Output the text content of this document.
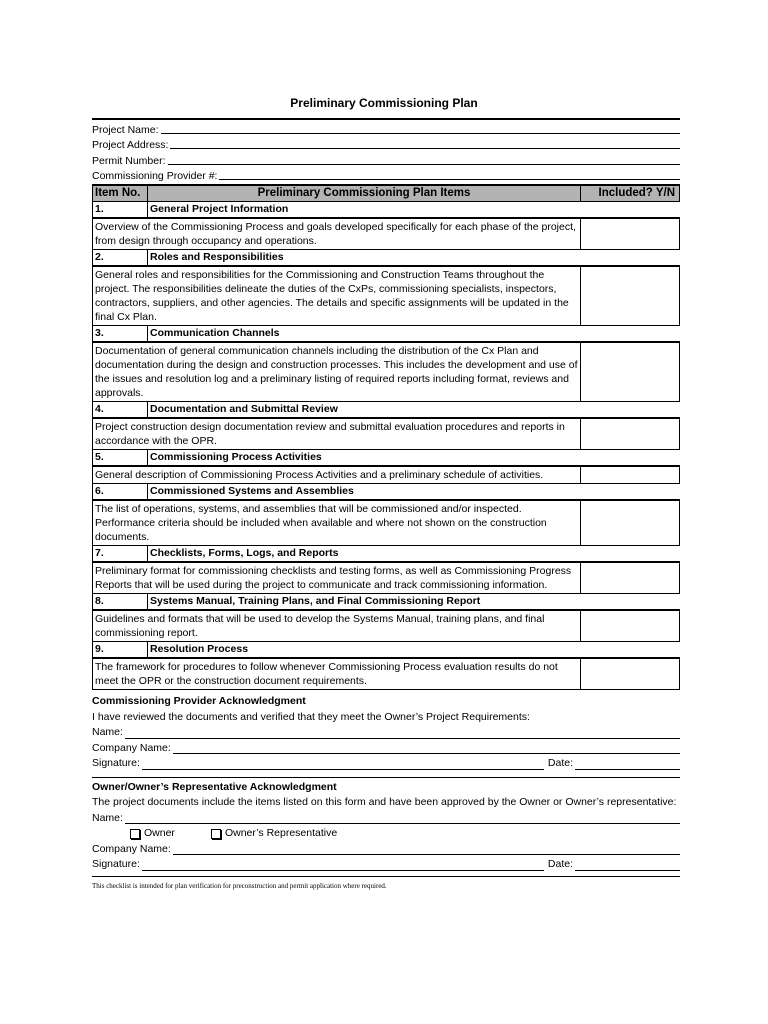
Preliminary Commissioning Plan
Project Name:
Project Address:
Permit Number:
Commissioning Provider #:
Item No.	Preliminary Commissioning Plan Items	Included? Y/N
1.	General Project Information	
Overview of the Commissioning Process and goals developed specifically for each phase of the project, from design through occupancy and operations.		
2.	Roles and Responsibilities	
General roles and responsibilities for the Commissioning and Construction Teams throughout the project. The responsibilities delineate the duties of the CxPs, commissioning specialists, inspectors, contractors, suppliers, and other agencies. The details and specific assignments will be updated in the final Cx Plan.		
3.	Communication Channels	
Documentation of general communication channels including the distribution of the Cx Plan and documentation during the design and construction processes. This includes the development and use of the issues and resolution log and a preliminary listing of required reports including format, reviews and approvals.		
4.	Documentation and Submittal Review	
Project construction design documentation review and submittal evaluation procedures and reports in accordance with the OPR.		
5.	Commissioning Process Activities	
General description of Commissioning Process Activities and a preliminary schedule of activities.		
6.	Commissioned Systems and Assemblies	
The list of operations, systems, and assemblies that will be commissioned and/or inspected. Performance criteria should be included when available and where not shown on the construction documents.		
7.	Checklists, Forms, Logs, and Reports	
Preliminary format for commissioning checklists and testing forms, as well as Commissioning Progress Reports that will be used during the project to communicate and track commissioning information.		
8.	Systems Manual, Training Plans, and Final Commissioning Report	
Guidelines and formats that will be used to develop the Systems Manual, training plans, and final commissioning report.		
9.	Resolution Process	
The framework for procedures to follow whenever Commissioning Process evaluation results do not meet the OPR or the construction document requirements.		
Commissioning Provider Acknowledgment
I have reviewed the documents and verified that they meet the Owner’s Project Requirements:
Name:
Company Name:
Signature:	Date:
Owner/Owner’s Representative Acknowledgment
The project documents include the items listed on this form and have been approved by the Owner or Owner’s representative:
Name:
Owner	Owner’s Representative
Company Name:
Signature:	Date:
This checklist is intended for plan verification for preconstruction and permit application where required.
